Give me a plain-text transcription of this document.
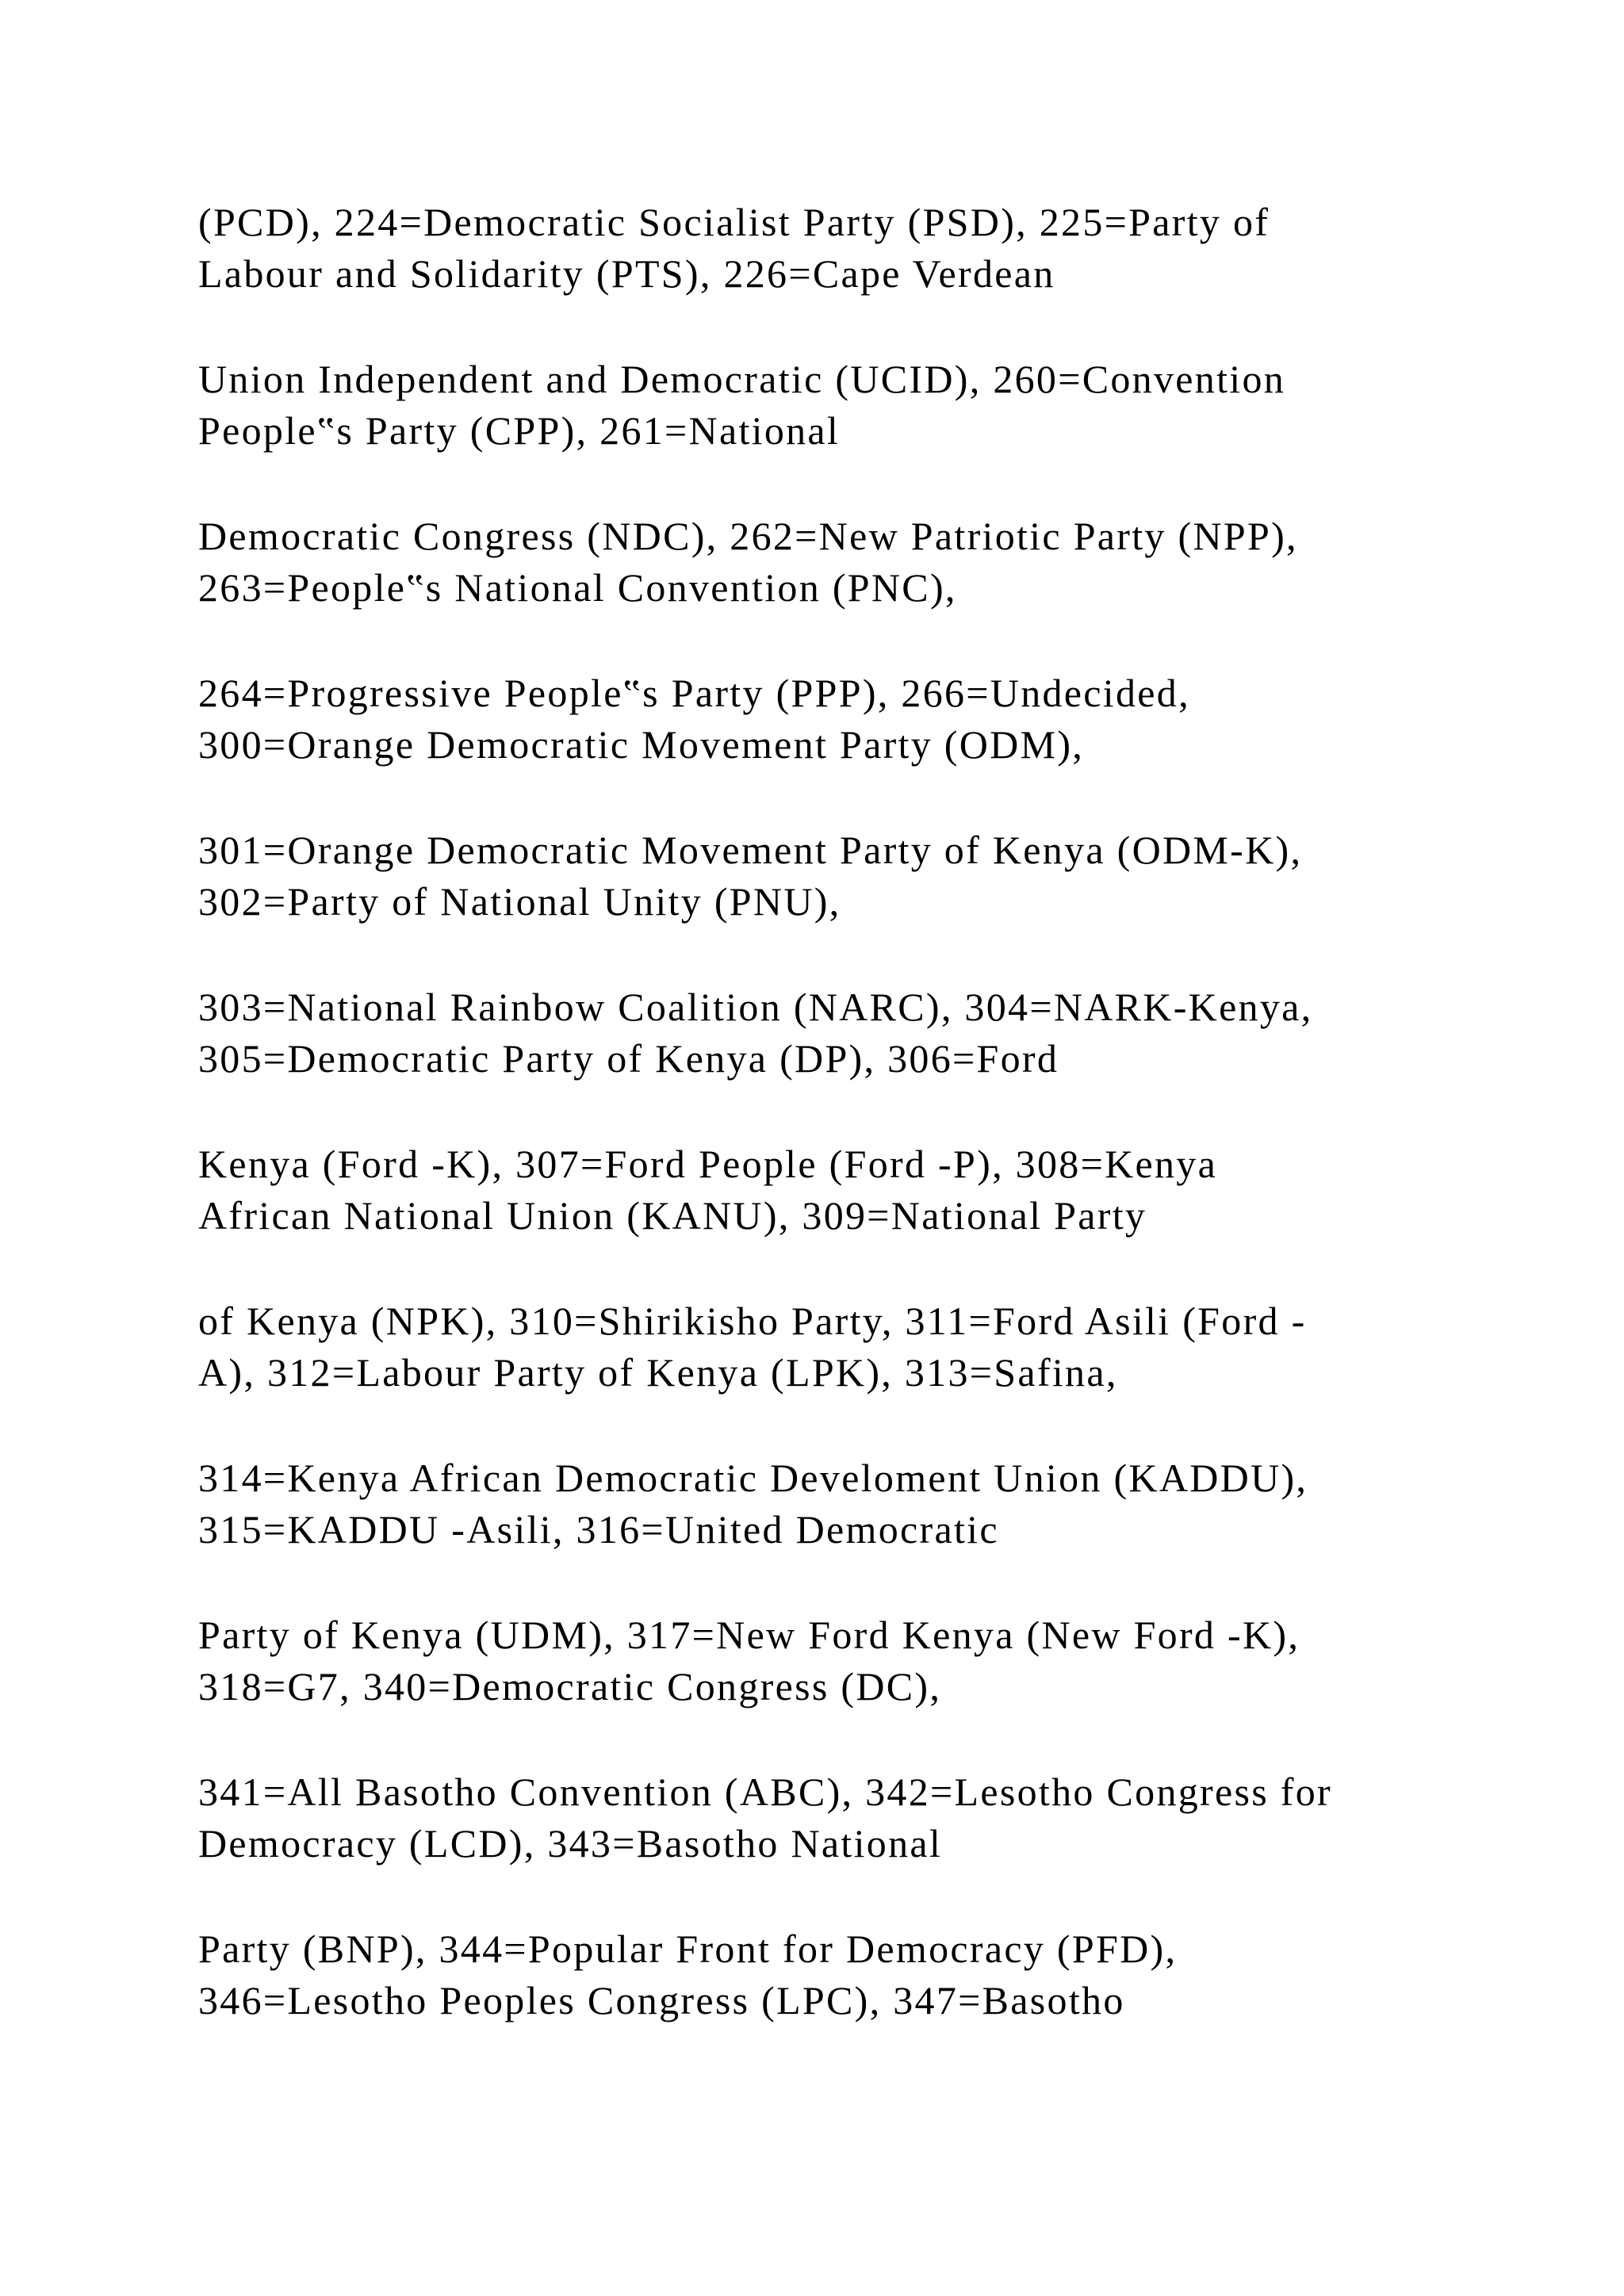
(PCD), 224=Democratic Socialist Party (PSD), 225=Party of
Labour and Solidarity (PTS), 226=Cape Verdean

Union Independent and Democratic (UCID), 260=Convention
People‟s Party (CPP), 261=National

Democratic Congress (NDC), 262=New Patriotic Party (NPP),
263=People‟s National Convention (PNC),

264=Progressive People‟s Party (PPP), 266=Undecided,
300=Orange Democratic Movement Party (ODM),

301=Orange Democratic Movement Party of Kenya (ODM-K),
302=Party of National Unity (PNU),

303=National Rainbow Coalition (NARC), 304=NARK-Kenya,
305=Democratic Party of Kenya (DP), 306=Ford

Kenya (Ford -K), 307=Ford People (Ford -P), 308=Kenya
African National Union (KANU), 309=National Party

of Kenya (NPK), 310=Shirikisho Party, 311=Ford Asili (Ford -
A), 312=Labour Party of Kenya (LPK), 313=Safina,

314=Kenya African Democratic Develoment Union (KADDU),
315=KADDU -Asili, 316=United Democratic

Party of Kenya (UDM), 317=New Ford Kenya (New Ford -K),
318=G7, 340=Democratic Congress (DC),

341=All Basotho Convention (ABC), 342=Lesotho Congress for
Democracy (LCD), 343=Basotho National

Party (BNP), 344=Popular Front for Democracy (PFD),
346=Lesotho Peoples Congress (LPC), 347=Basotho
